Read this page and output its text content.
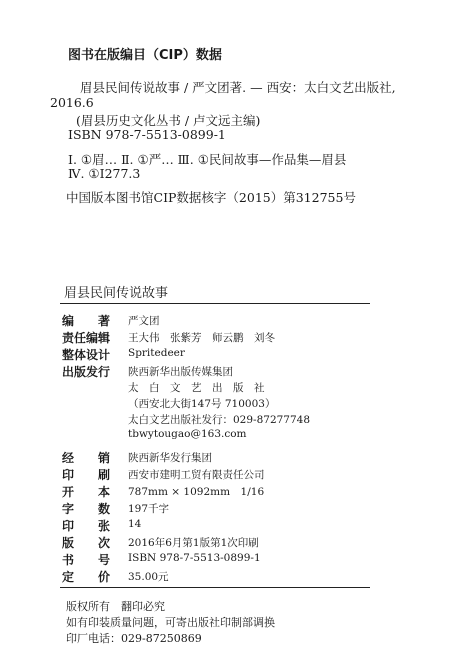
图书在版编目（CIP）数据
眉县民间传说故事 / 严文团著. — 西安：太白文艺出版社,
2016.6
(眉县历史文化丛书 / 卢文远主编)
ISBN 978-7-5513-0899-1
Ⅰ. ①眉… Ⅱ. ①严… Ⅲ. ①民间故事—作品集—眉县
Ⅳ. ①I277.3
中国版本图书馆CIP数据核字（2015）第312755号
眉县民间传说故事
编　　著 严文团
责任编辑 王大伟　张紫芳　师云鹏　刘冬
整体设计 Spritedeer
出版发行 陕西新华出版传媒集团
太　白　文　艺　出　版　社
（西安北大街147号 710003）
太白文艺出版社发行：029-87277748
tbwytougao@163.com
经　　销 陕西新华发行集团
印　　刷 西安市建明工贸有限责任公司
开　　本 787mm × 1092mm　1/16
字　　数 197千字
印　　张 14
版　　次 2016年6月第1版第1次印刷
书　　号 ISBN 978-7-5513-0899-1
定　　价 35.00元
版权所有　翻印必究
如有印装质量问题，可寄出版社印制部调换
印厂电话：029-87250869
